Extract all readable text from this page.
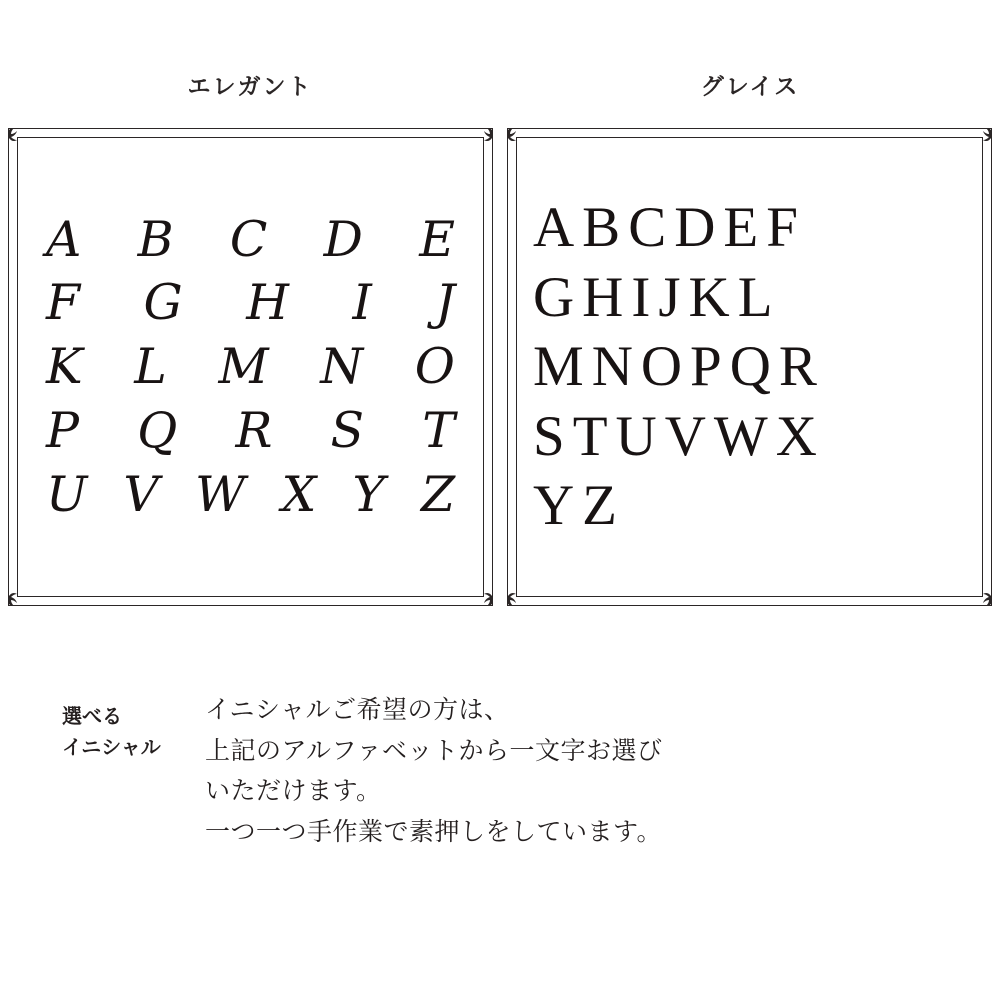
エレガント	グレイス
A B C D E
F G H I J
K L M N O
P Q R S T
U V W X Y Z
A B C D E F
G H I J K L
M N O P Q R
S T U V W X
Y Z
選べる
イニシャル

イニシャルご希望の方は、

上記のアルファベットから一文字お選び

いただけます。

一つ一つ手作業で素押しをしています。
